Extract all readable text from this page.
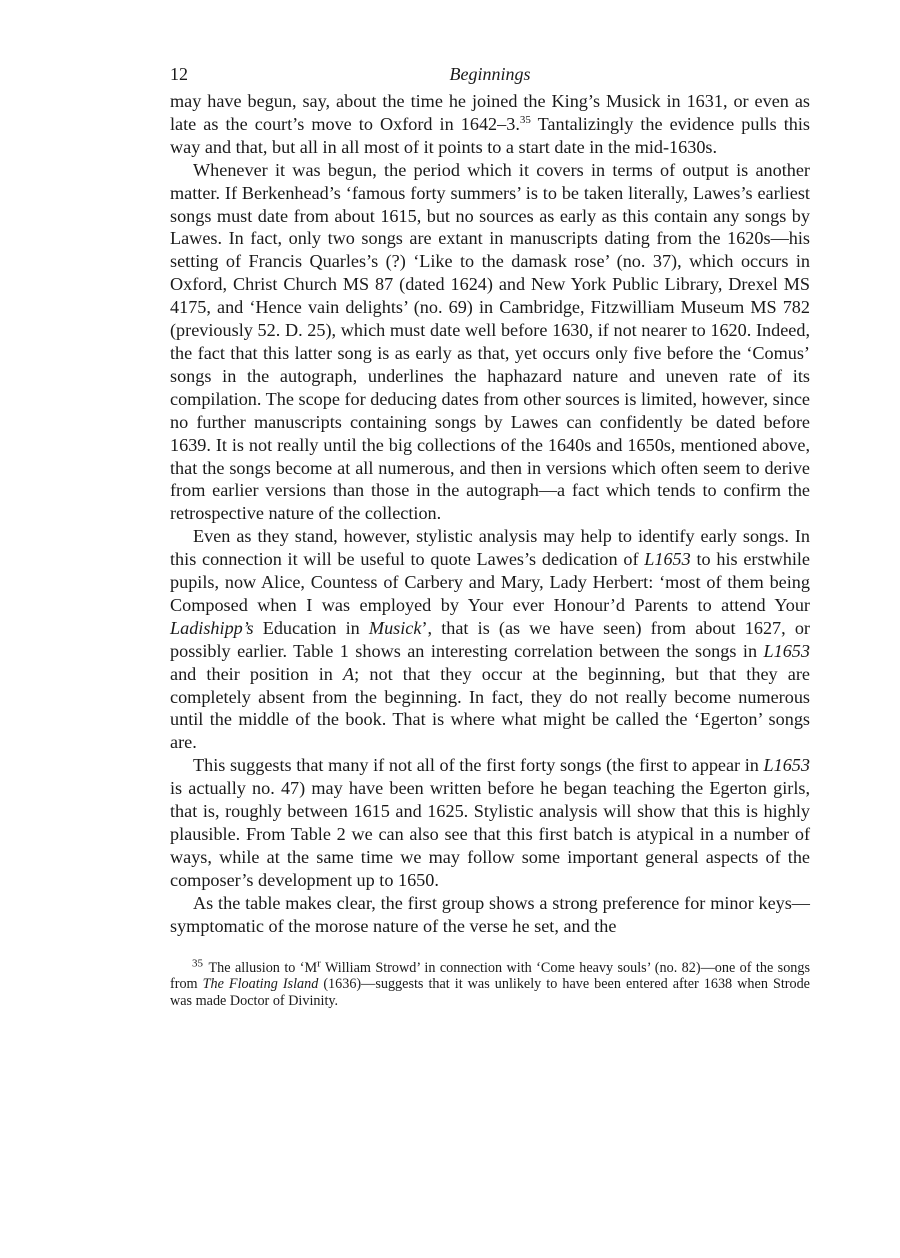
12	Beginnings

may have begun, say, about the time he joined the King’s Musick in 1631, or even as late as the court’s move to Oxford in 1642–3.35 Tantalizingly the evidence pulls this way and that, but all in all most of it points to a start date in the mid-1630s.

Whenever it was begun, the period which it covers in terms of output is another matter. If Berkenhead’s ‘famous forty summers’ is to be taken literally, Lawes’s earliest songs must date from about 1615, but no sources as early as this contain any songs by Lawes. In fact, only two songs are extant in manuscripts dating from the 1620s—his setting of Francis Quarles’s (?) ‘Like to the damask rose’ (no. 37), which occurs in Oxford, Christ Church MS 87 (dated 1624) and New York Public Library, Drexel MS 4175, and ‘Hence vain delights’ (no. 69) in Cambridge, Fitzwilliam Museum MS 782 (previously 52. D. 25), which must date well before 1630, if not nearer to 1620. Indeed, the fact that this latter song is as early as that, yet occurs only five before the ‘Comus’ songs in the autograph, underlines the haphazard nature and uneven rate of its compilation. The scope for deducing dates from other sources is limited, however, since no further manuscripts containing songs by Lawes can confidently be dated before 1639. It is not really until the big collections of the 1640s and 1650s, mentioned above, that the songs become at all numerous, and then in versions which often seem to derive from earlier versions than those in the autograph—a fact which tends to confirm the retrospective nature of the collection.

Even as they stand, however, stylistic analysis may help to identify early songs. In this connection it will be useful to quote Lawes’s dedication of L1653 to his erstwhile pupils, now Alice, Countess of Carbery and Mary, Lady Herbert: ‘most of them being Composed when I was employed by Your ever Honour’d Parents to attend Your Ladishipp’s Education in Musick’, that is (as we have seen) from about 1627, or possibly earlier. Table 1 shows an interesting correlation between the songs in L1653 and their position in A; not that they occur at the beginning, but that they are completely absent from the beginning. In fact, they do not really become numerous until the middle of the book. That is where what might be called the ‘Egerton’ songs are.

This suggests that many if not all of the first forty songs (the first to appear in L1653 is actually no. 47) may have been written before he began teaching the Egerton girls, that is, roughly between 1615 and 1625. Stylistic analysis will show that this is highly plausible. From Table 2 we can also see that this first batch is atypical in a number of ways, while at the same time we may follow some important general aspects of the composer’s development up to 1650.

As the table makes clear, the first group shows a strong preference for minor keys—symptomatic of the morose nature of the verse he set, and the

$^{35}$ The allusion to ‘$M^r$ William Strowd’ in connection with ‘Come heavy souls’ (no. 82)—one of the songs from The Floating Island (1636)—suggests that it was unlikely to have been entered after 1638 when Strode was made Doctor of Divinity.
